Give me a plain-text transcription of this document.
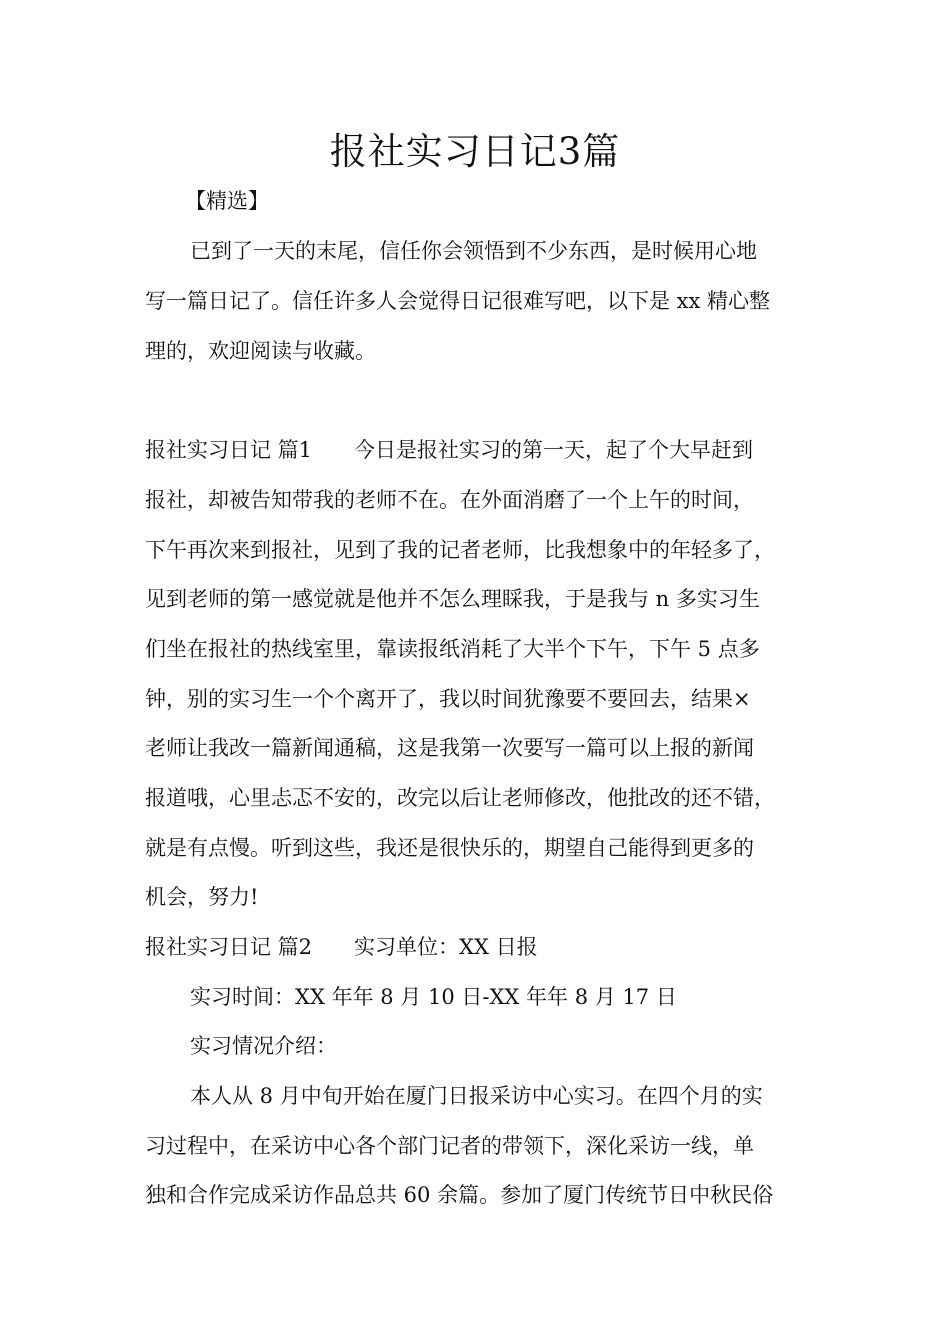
报社实习日记3篇
【精选】
已到了一天的末尾，信任你会领悟到不少东西，是时候用心地
写一篇日记了。信任许多人会觉得日记很难写吧，以下是 xx 精心整
理的，欢迎阅读与收藏。
报社实习日记 篇1　　今日是报社实习的第一天，起了个大早赶到
报社，却被告知带我的老师不在。在外面消磨了一个上午的时间，
下午再次来到报社，见到了我的记者老师，比我想象中的年轻多了，
见到老师的第一感觉就是他并不怎么理睬我，于是我与 n 多实习生
们坐在报社的热线室里，靠读报纸消耗了大半个下午，下午 5 点多
钟，别的实习生一个个离开了，我以时间犹豫要不要回去，结果×
老师让我改一篇新闻通稿，这是我第一次要写一篇可以上报的新闻
报道哦，心里忐忑不安的，改完以后让老师修改，他批改的还不错，
就是有点慢。听到这些，我还是很快乐的，期望自己能得到更多的
机会，努力!
报社实习日记 篇2　　实习单位：XX 日报
实习时间：XX 年年 8 月 10 日-XX 年年 8 月 17 日
实习情况介绍：
本人从 8 月中旬开始在厦门日报采访中心实习。在四个月的实
习过程中，在采访中心各个部门记者的带领下，深化采访一线，单
独和合作完成采访作品总共 60 余篇。参加了厦门传统节日中秋民俗
